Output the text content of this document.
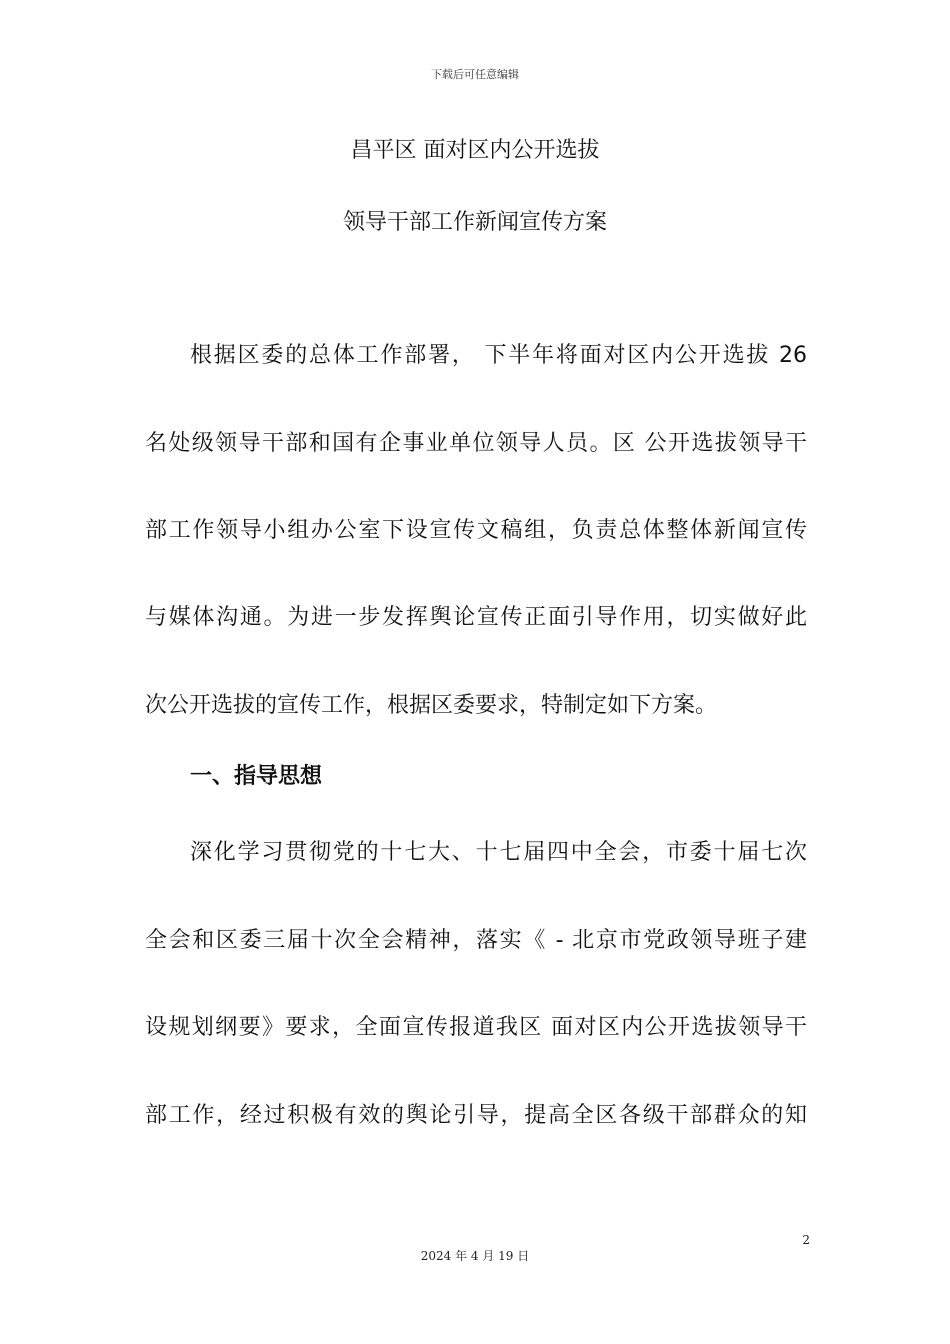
下载后可任意编辑
昌平区 面对区内公开选拔
领导干部工作新闻宣传方案
根据区委的总体工作部署， 下半年将面对区内公开选拔 26
名处级领导干部和国有企事业单位领导人员。区 公开选拔领导干
部工作领导小组办公室下设宣传文稿组，负责总体整体新闻宣传
与媒体沟通。为进一步发挥舆论宣传正面引导作用，切实做好此
次公开选拔的宣传工作，根据区委要求，特制定如下方案。
一、指导思想
深化学习贯彻党的十七大、十七届四中全会，市委十届七次
全会和区委三届十次全会精神，落实《 - 北京市党政领导班子建
设规划纲要》要求，全面宣传报道我区 面对区内公开选拔领导干
部工作，经过积极有效的舆论引导，提高全区各级干部群众的知
2
2024 年 4 月 19 日
